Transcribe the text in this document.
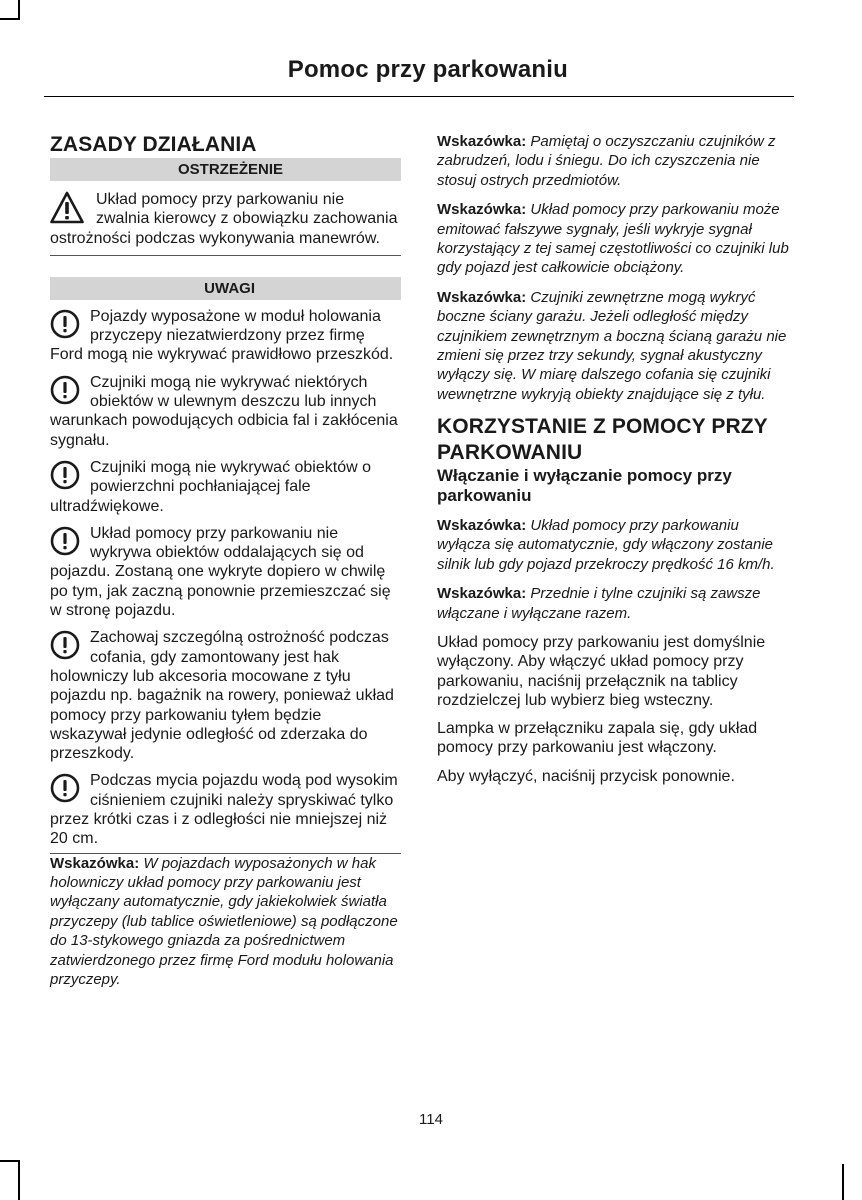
Pomoc przy parkowaniu
ZASADY DZIAŁANIA
OSTRZEŻENIE
Układ pomocy przy parkowaniu nie zwalnia kierowcy z obowiązku zachowania ostrożności podczas wykonywania manewrów.
UWAGI
Pojazdy wyposażone w moduł holowania przyczepy niezatwierdzony przez firmę Ford mogą nie wykrywać prawidłowo przeszkód.
Czujniki mogą nie wykrywać niektórych obiektów w ulewnym deszczu lub innych warunkach powodujących odbicia fal i zakłócenia sygnału.
Czujniki mogą nie wykrywać obiektów o powierzchni pochłaniającej fale ultradźwiękowe.
Układ pomocy przy parkowaniu nie wykrywa obiektów oddalających się od pojazdu. Zostaną one wykryte dopiero w chwilę po tym, jak zaczną ponownie przemieszczać się w stronę pojazdu.
Zachowaj szczególną ostrożność podczas cofania, gdy zamontowany jest hak holowniczy lub akcesoria mocowane z tyłu pojazdu np. bagażnik na rowery, ponieważ układ pomocy przy parkowaniu tyłem będzie wskazywał jedynie odległość od zderzaka do przeszkody.
Podczas mycia pojazdu wodą pod wysokim ciśnieniem czujniki należy spryskiwać tylko przez krótki czas i z odległości nie mniejszej niż 20 cm.

Wskazówka: W pojazdach wyposażonych w hak holowniczy układ pomocy przy parkowaniu jest wyłączany automatycznie, gdy jakiekolwiek światła przyczepy (lub tablice oświetleniowe) są podłączone do 13-stykowego gniazda za pośrednictwem zatwierdzonego przez firmę Ford modułu holowania przyczepy.

Wskazówka: Pamiętaj o oczyszczaniu czujników z zabrudzeń, lodu i śniegu. Do ich czyszczenia nie stosuj ostrych przedmiotów.

Wskazówka: Układ pomocy przy parkowaniu może emitować fałszywe sygnały, jeśli wykryje sygnał korzystający z tej samej częstotliwości co czujniki lub gdy pojazd jest całkowicie obciążony.

Wskazówka: Czujniki zewnętrzne mogą wykryć boczne ściany garażu. Jeżeli odległość między czujnikiem zewnętrznym a boczną ścianą garażu nie zmieni się przez trzy sekundy, sygnał akustyczny wyłączy się. W miarę dalszego cofania się czujniki wewnętrzne wykryją obiekty znajdujące się z tyłu.

KORZYSTANIE Z POMOCY PRZY PARKOWANIU
Włączanie i wyłączanie pomocy przy parkowaniu

Wskazówka: Układ pomocy przy parkowaniu wyłącza się automatycznie, gdy włączony zostanie silnik lub gdy pojazd przekroczy prędkość 16 km/h.

Wskazówka: Przednie i tylne czujniki są zawsze włączane i wyłączane razem.

Układ pomocy przy parkowaniu jest domyślnie wyłączony. Aby włączyć układ pomocy przy parkowaniu, naciśnij przełącznik na tablicy rozdzielczej lub wybierz bieg wsteczny.

Lampka w przełączniku zapala się, gdy układ pomocy przy parkowaniu jest włączony.

Aby wyłączyć, naciśnij przycisk ponownie.

114
